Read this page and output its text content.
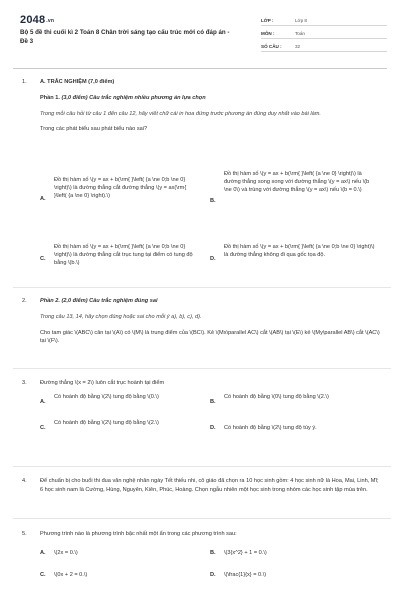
2048.vn
Bộ 5 đề thi cuối kì 2 Toán 8 Chân trời sáng tạo cấu trúc mới có đáp án - Đề 3
LỚP :	Lớp 8
MÔN :	Toán
SỐ CÂU :	32
1.	A. TRẮC NGHIỆM (7,0 điểm)
Phần 1. (3,0 điểm) Câu trắc nghiệm nhiều phương án lựa chọn
Trong mỗi câu hỏi từ câu 1 đến câu 12, hãy viết chữ cái in hoa đứng trước phương án đúng duy nhất vào bài làm.
Trong các phát biểu sau phát biểu nào sai?
A.
Đồ thị hàm số \(y = ax + b(\rm{ }\left( {a \ne 0;b \ne 0} \right)\) là đường thẳng cắt đường thẳng \(y = ax(\rm{ }\left( {a \ne 0} \right).\)
B.
Đồ thị hàm số \(y = ax + b(\rm{ }\left( {a \ne 0} \right)\) là đường thẳng song song với đường thẳng \(y = ax\) nếu \(b \ne 0\) và trùng với đường thẳng \(y = ax\) nếu \(b = 0.\)
C.
Đồ thị hàm số \(y = ax + b(\rm{ }\left( {a \ne 0;b \ne 0} \right)\) là đường thẳng cắt trục tung tại điểm có tung độ bằng \(b.\)
D.
Đồ thị hàm số \(y = ax + b(\rm{ }\left( {a \ne 0;b \ne 0} \right)\) là đường thẳng không đi qua gốc tọa độ.
2.	Phần 2. (2,0 điểm) Câu trắc nghiệm đúng sai
Trong câu 13, 14, hãy chọn đúng hoặc sai cho mỗi ý a), b), c), d).
Cho tam giác \(ABC\) cân tại \(A\) có \(M\) là trung điểm của \(BC\). Kẻ \(Mx\parallel AC\) cắt \(AB\) tại \(E\) kẻ \(My\parallel AB\) cắt \(AC\) tại \(F\).
3.	Đường thẳng \(x = 2\) luôn cắt trục hoành tại điểm
A.
Có hoành độ bằng \(2\) tung độ bằng \(0.\)
B.
Có hoành độ bằng \(0\) tung độ bằng \(2.\)
C.
Có hoành độ bằng \(2\) tung độ bằng \(2.\)
D. Có hoành độ bằng \(2\) tung độ tùy ý.
4.	Để chuẩn bị cho buổi thi đua văn nghệ nhân ngày Tết thiếu nhi, cô giáo đã chọn ra 10 học sinh gồm: 4 học sinh nữ là Hoa, Mai, Linh, Mĩ; 6 học sinh nam là Cường, Hùng, Nguyên, Kiên, Phúc, Hoàng. Chọn ngẫu nhiên một học sinh trong nhóm các học sinh tập múa trên.
5.	Phương trình nào là phương trình bậc nhất một ẩn trong các phương trình sau:
A. \(2x = 0.\)	B. \(3{x^2} + 1 = 0.\)
C. \(0x + 2 = 0.\)	D. \(\frac{1}{x} = 0.\)
